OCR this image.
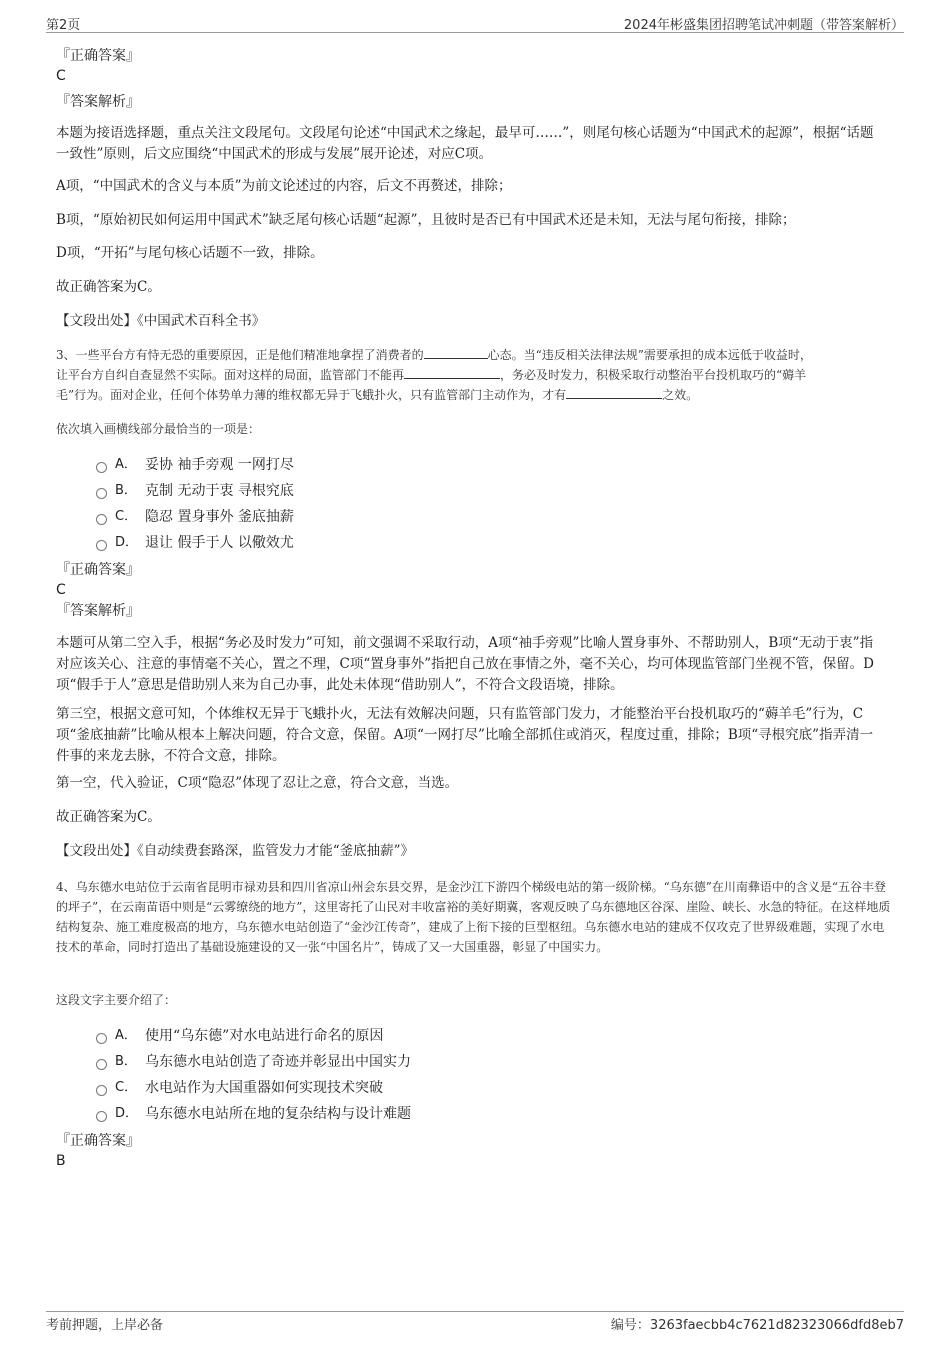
第2页	2024年彬盛集团招聘笔试冲刺题（带答案解析）

『正确答案』

C

『答案解析』

本题为接语选择题，重点关注文段尾句。文段尾句论述“中国武术之缘起，最早可……”，则尾句核心话题为“中国武术的起源”，根据“话题一致性”原则，后文应围绕“中国武术的形成与发展”展开论述，对应C项。

A项，“中国武术的含义与本质”为前文论述过的内容，后文不再赘述，排除；

B项，“原始初民如何运用中国武术”缺乏尾句核心话题“起源”，且彼时是否已有中国武术还是未知，无法与尾句衔接，排除；

D项，“开拓”与尾句核心话题不一致，排除。

故正确答案为C。

【文段出处】《中国武术百科全书》

3、一些平台方有恃无恐的重要原因，正是他们精准地拿捏了消费者的	心态。当“违反相关法律法规”需要承担的成本远低于收益时，
让平台方自纠自查显然不实际。面对这样的局面，监管部门不能再	，务必及时发力，积极采取行动整治平台投机取巧的“薅羊
毛”行为。面对企业，任何个体势单力薄的维权都无异于飞蛾扑火，只有监管部门主动作为，才有	之效。

依次填入画横线部分最恰当的一项是：

A． 妥协 袖手旁观 一网打尽
B． 克制 无动于衷 寻根究底
C． 隐忍 置身事外 釜底抽薪
D． 退让 假手于人 以儆效尤

『正确答案』

C

『答案解析』

本题可从第二空入手，根据“务必及时发力”可知，前文强调不采取行动，A项“袖手旁观”比喻人置身事外、不帮助别人，B项“无动于衷”指对应该关心、注意的事情毫不关心，置之不理，C项“置身事外”指把自己放在事情之外，毫不关心，均可体现监管部门坐视不管，保留。D项“假手于人”意思是借助别人来为自己办事，此处未体现“借助别人”，不符合文段语境，排除。

第三空，根据文意可知，个体维权无异于飞蛾扑火，无法有效解决问题，只有监管部门发力，才能整治平台投机取巧的“薅羊毛”行为，C项“釜底抽薪”比喻从根本上解决问题，符合文意，保留。A项“一网打尽”比喻全部抓住或消灭，程度过重，排除；B项“寻根究底”指弄清一件事的来龙去脉，不符合文意，排除。

第一空，代入验证，C项“隐忍”体现了忍让之意，符合文意，当选。

故正确答案为C。

【文段出处】《自动续费套路深，监管发力才能“釜底抽薪”》

4、乌东德水电站位于云南省昆明市禄劝县和四川省凉山州会东县交界，是金沙江下游四个梯级电站的第一级阶梯。“乌东德”在川南彝语中的含义是“五谷丰登的坪子”，在云南苗语中则是“云雾缭绕的地方”，这里寄托了山民对丰收富裕的美好期冀，客观反映了乌东德地区谷深、崖险、峡长、水急的特征。在这样地质结构复杂、施工难度极高的地方，乌东德水电站创造了“金沙江传奇”，建成了上衔下接的巨型枢纽。乌东德水电站的建成不仅攻克了世界级难题，实现了水电技术的革命，同时打造出了基础设施建设的又一张“中国名片”，铸成了又一大国重器，彰显了中国实力。

这段文字主要介绍了：

A． 使用“乌东德”对水电站进行命名的原因
B． 乌东德水电站创造了奇迹并彰显出中国实力
C． 水电站作为大国重器如何实现技术突破
D． 乌东德水电站所在地的复杂结构与设计难题

『正确答案』

B

考前押题，上岸必备	编号：3263faecbb4c7621d82323066dfd8eb7
